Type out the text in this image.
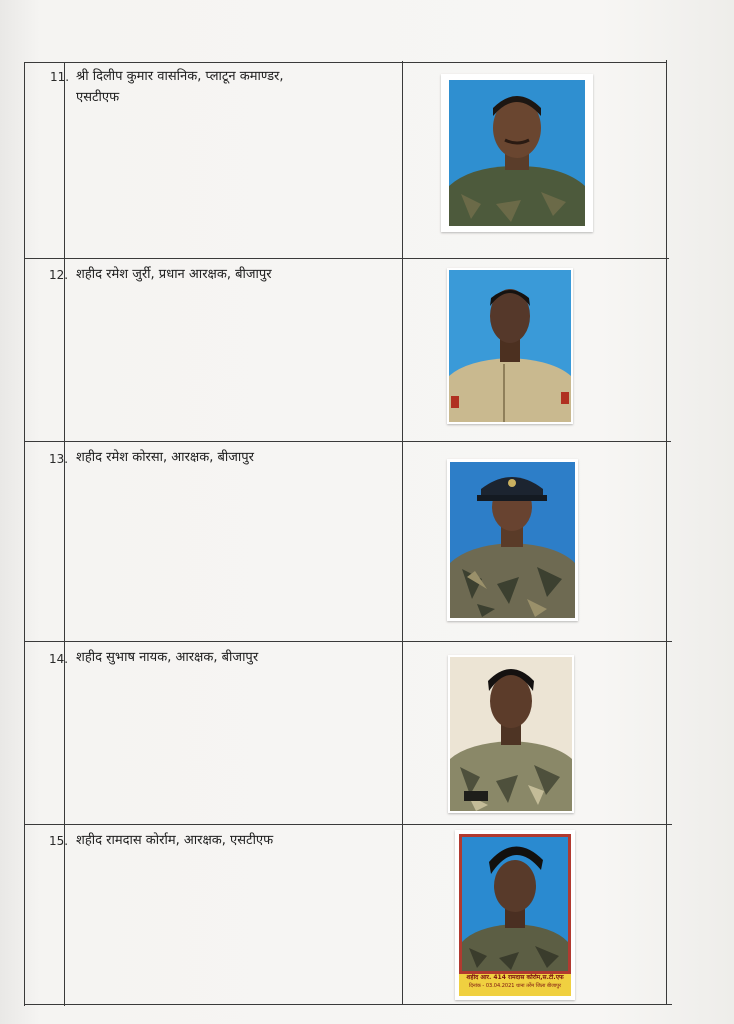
11. श्री दिलीप कुमार वासनिक, प्लाटून कमाण्डर,
एसटीएफ
12. शहीद रमेश जुर्री, प्रधान आरक्षक, बीजापुर
13. शहीद रमेश कोरसा, आरक्षक, बीजापुर
14. शहीद सुभाष नायक, आरक्षक, बीजापुर
15. शहीद रामदास कोर्राम, आरक्षक, एसटीएफ
शहीद आर. 414 रामदास कोर्राम,स.टी.एफ
दिनांक - 03.04.2021 थाना तर्रेम जिला बीजापुर
